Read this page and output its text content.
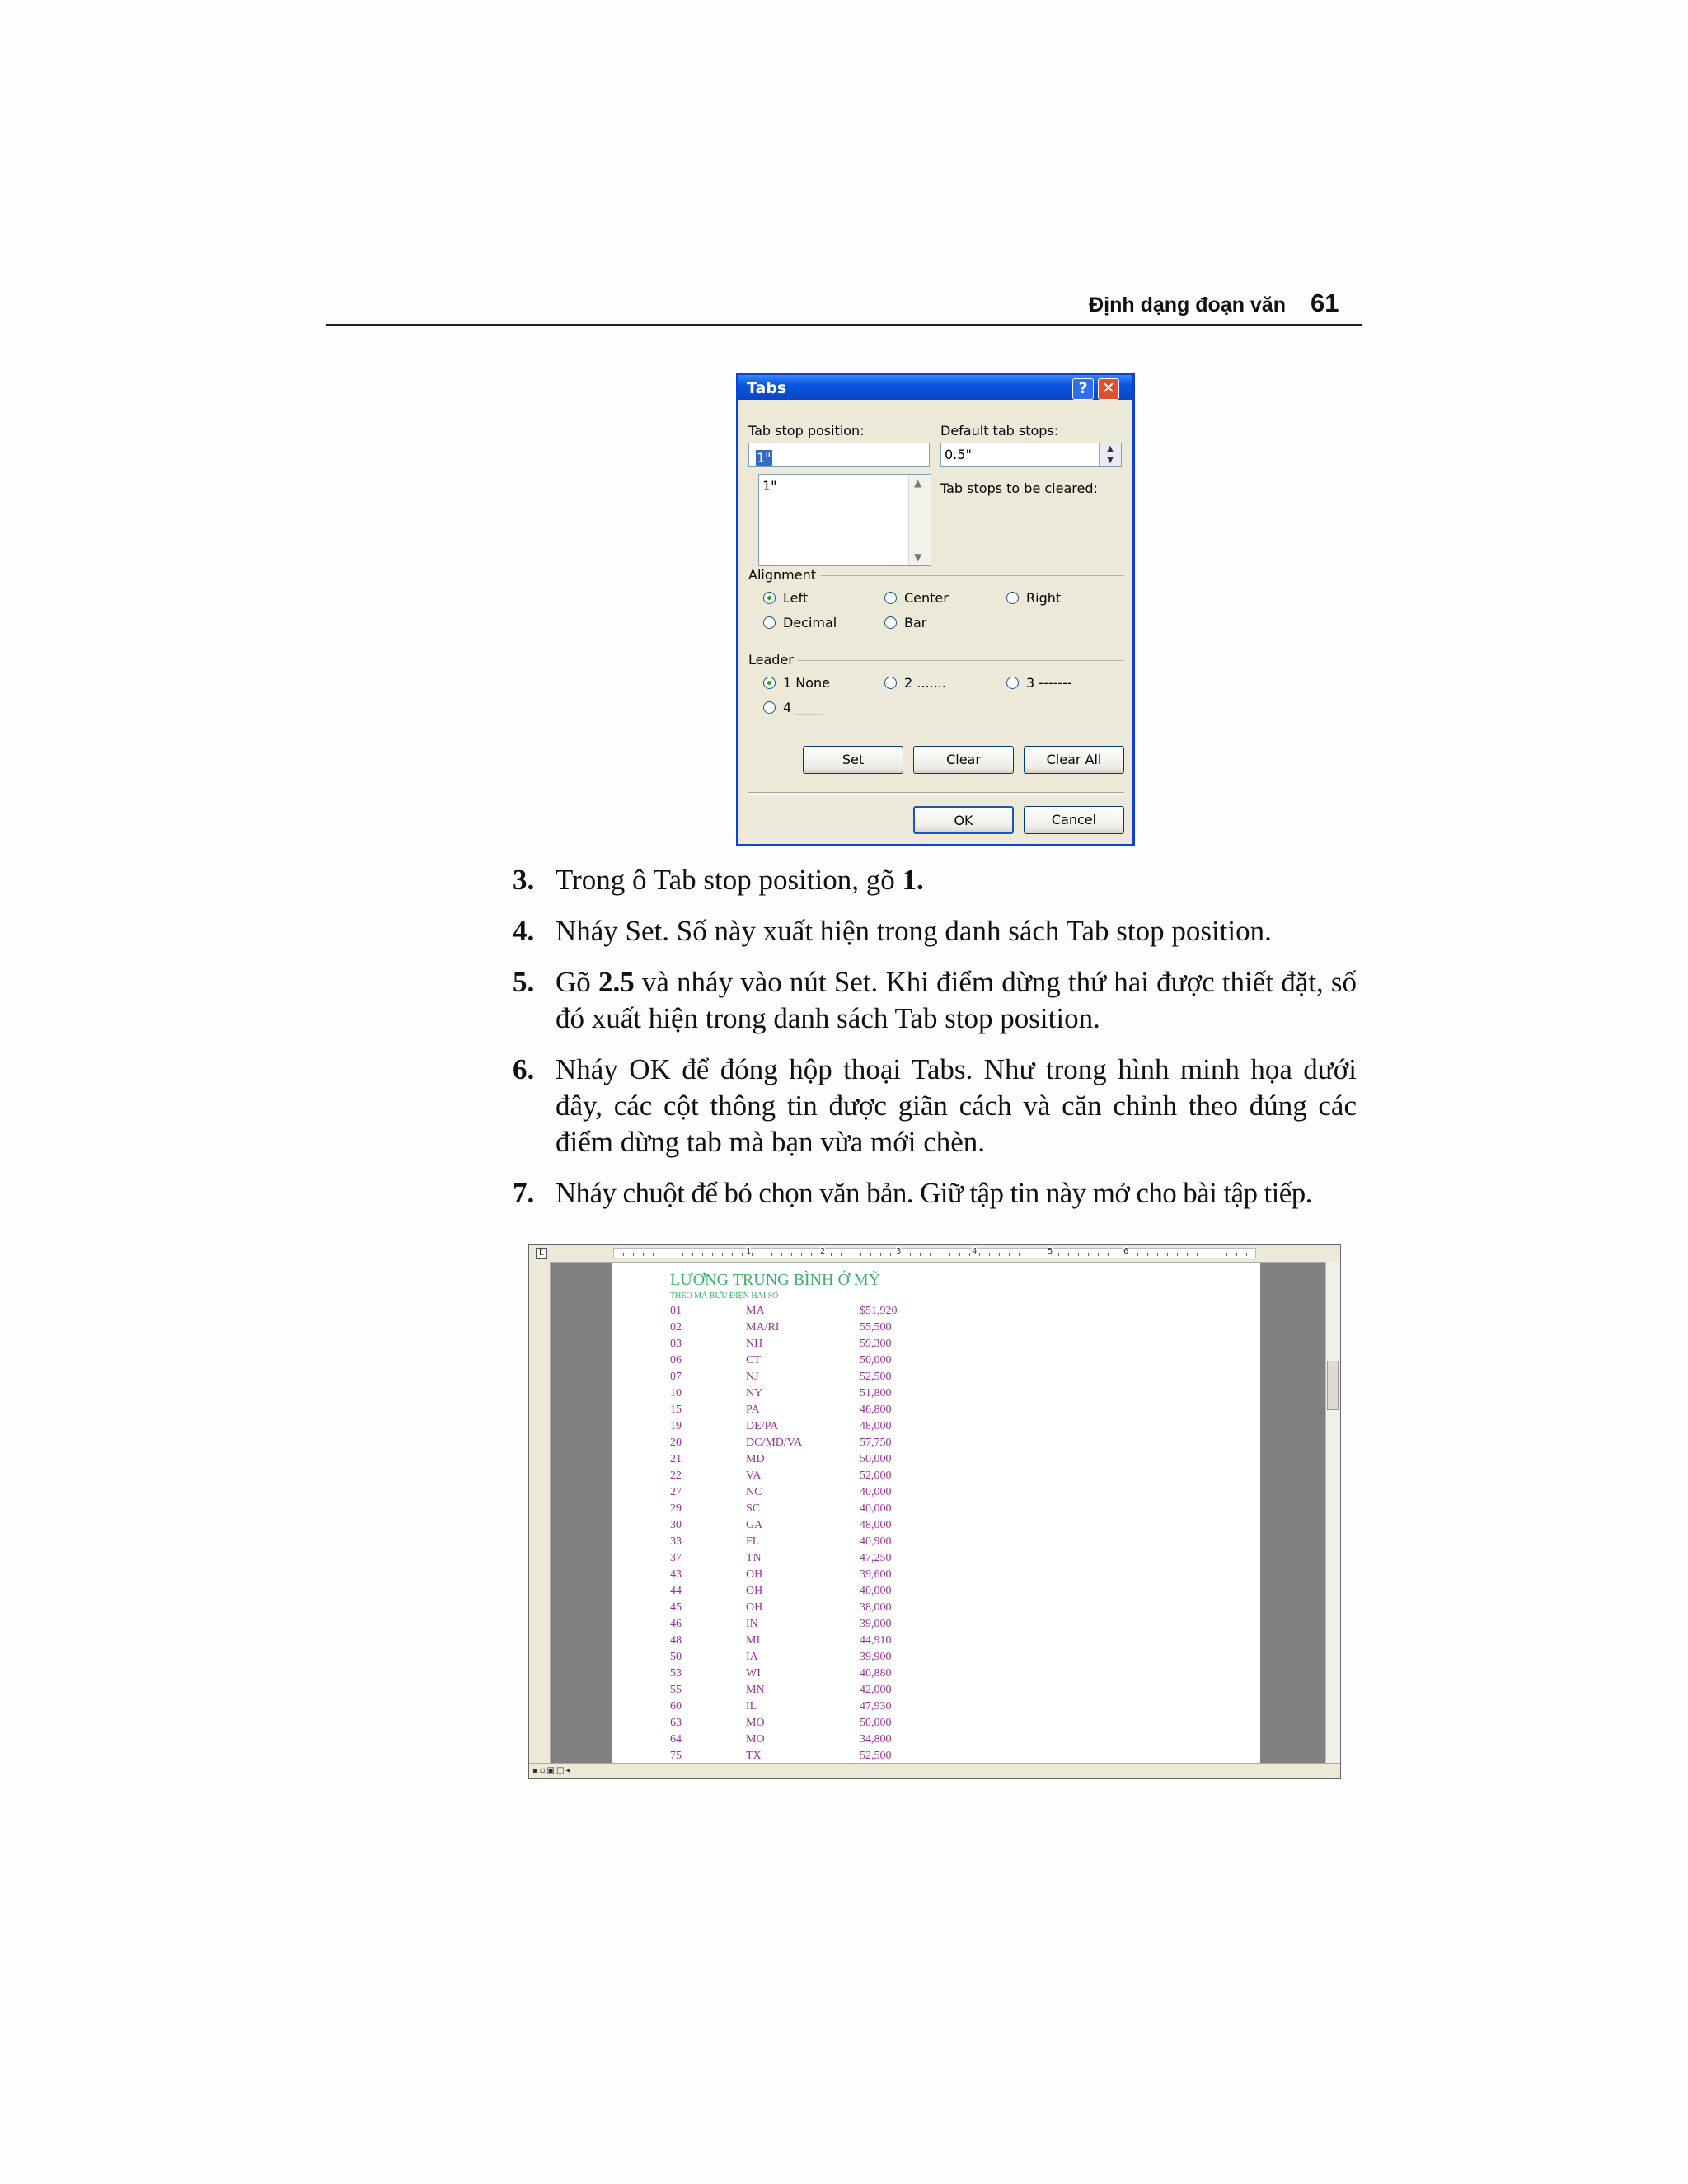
Định dạng đoạn văn 61
Tabs	? ✕
Tab stop position:
1"
1"	▲
▼
Default tab stops:
0.5"	▲
▼
Tab stops to be cleared:
Alignment
Left	Center	Right
Decimal	Bar
Leader
1 None	2 .......	3 -------
4 ____
Set	Clear	Clear All
OK	Cancel
3. Trong ô Tab stop position, gõ 1.
4. Nháy Set. Số này xuất hiện trong danh sách Tab stop position.
5. Gõ 2.5 và nháy vào nút Set. Khi điểm dừng thứ hai được thiết đặt, số đó xuất hiện trong danh sách Tab stop position.
6. Nháy OK để đóng hộp thoại Tabs. Như trong hình minh họa dưới đây, các cột thông tin được giãn cách và căn chỉnh theo đúng các điểm dừng tab mà bạn vừa mới chèn.
7. Nháy chuột để bỏ chọn văn bản. Giữ tập tin này mở cho bài tập tiếp.
L	1	2	3	4	5	6
LƯƠNG TRUNG BÌNH Ở MỸ
THEO MÃ BƯU ĐIỆN HAI SỐ
01	MA	$51,920
02	MA/RI	55,500
03	NH	59,300
06	CT	50,000
07	NJ	52,500
10	NY	51,800
15	PA	46,800
19	DE/PA	48,000
20	DC/MD/VA	57,750
21	MD	50,000
22	VA	52,000
27	NC	40,000
29	SC	40,000
30	GA	48,000
33	FL	40,900
37	TN	47,250
43	OH	39,600
44	OH	40,000
45	OH	38,000
46	IN	39,000
48	MI	44,910
50	IA	39,900
53	WI	40,880
55	MN	42,000
60	IL	47,930
63	MO	50,000
64	MO	34,800
75	TX	52,500
▪▫▣◫◂
